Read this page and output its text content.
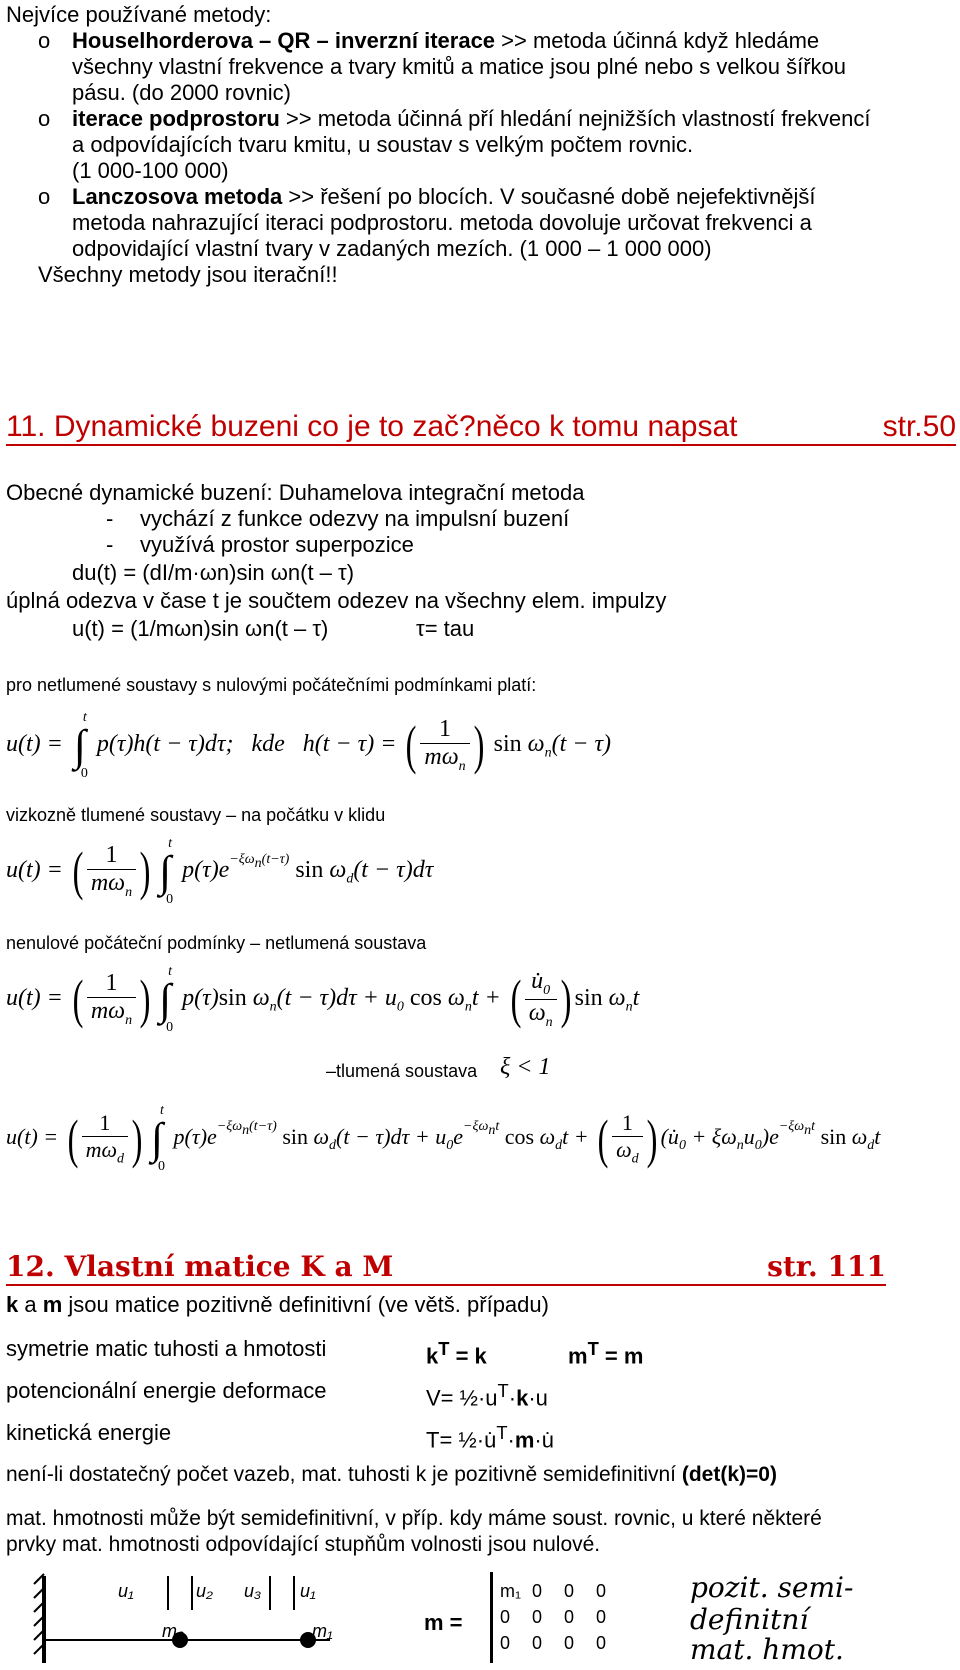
Nejvíce používané metody:
o Houselhorderova – QR – inverzní iterace >> metoda účinná když hledáme
všechny vlastní frekvence a tvary kmitů a matice jsou plné nebo s velkou šířkou
pásu. (do 2000 rovnic)
o iterace podprostoru >> metoda účinná pří hledání nejnižších vlastností frekvencí
a odpovídajících tvaru kmitu, u soustav s velkým počtem rovnic.
(1 000-100 000)
o Lanczosova metoda >> řešení po blocích. V současné době nejefektivnější
metoda nahrazující iteraci podprostoru. metoda dovoluje určovat frekvenci a
odpovidající vlastní tvary v zadaných mezích. (1 000 – 1 000 000)
Všechny metody jsou iterační!!
11. Dynamické buzeni co je to zač?něco k tomu napsat	str.50
Obecné dynamické buzení: Duhamelova integrační metoda
- vychází z funkce odezvy na impulsní buzení
- využívá prostor superpozice
du(t) = (dI/m·ωn)sin ωn(t – τ)
úplná odezva v čase t je součtem odezev na všechny elem. impulzy
u(t) = (1/mωn)sin ωn(t – τ)	τ= tau
pro netlumené soustavy s nulovými počátečními podmínkami platí:
u(t) = ∫
t
0
p(τ)h(t − τ)dτ;   kde   h(t − τ) = ( $\frac{1}{m\omega_n}$ ) $\sin \omega_n(t - \tau)$
vizkozně tlumené soustavy – na počátku v klidu
u(t) = ( $\frac{1}{m\omega_n}$ ) ∫
t
0
$p(\tau)e^{-\xi\omega_n(t-\tau)}$ $\sin \omega_d(t - \tau)d\tau$
nenulové počáteční podmínky – netlumená soustava
u(t) = ( $\frac{1}{m\omega_n}$ ) ∫
t
0
p(τ)sin $\omega_n(t - \tau)d\tau + u_0$ $\cos \omega_nt$ + ( $\frac{u̇_0}{\omega_n}$ ) $\sin \omega_nt$
–tlumená soustava ξ < 1
u(t) = ( $\frac{1}{m\omega_d}$ ) ∫
t
0
$p(\tau)e^{-\xi\omega_n(t-\tau)}$ $\sin \omega_d(t - \tau)d\tau + u_0e^{-\xi\omega_nt}$ $\cos \omega_dt$ + ( $\frac{1}{\omega_d}$ ) $(u̇_0 + \xi\omega_nu_0)e^{-\xi\omega_nt}$ $\sin \omega_dt$
12. Vlastní matice K a M	str. 111
k a m jsou matice pozitivně definitivní (ve větš. případu)
symetrie matic tuhosti a hmotosti	$k^T = k$	$m^T = m$
potencionální energie deformace	$V= \frac{1}{2}\cdot u^T\cdot k\cdot u$
kinetická energie	T= ½·u̇$^T$·m·u̇
není-li dostatečný počet vazeb, mat. tuhosti k je pozitivně semidefinitivní (det(k)=0)
mat. hmotnosti může být semidefinitivní, v příp. kdy máme soust. rovnic, u které některé
prvky mat. hmotnosti odpovídající stupňům volnosti jsou nulové.
u₁	u₂ u₃ u₁
m₂	m₁	m =
m₁ 0 0 0
0 0 0 0
0 0 0 0
pozit. semi-
definitní
mat. hmot.
